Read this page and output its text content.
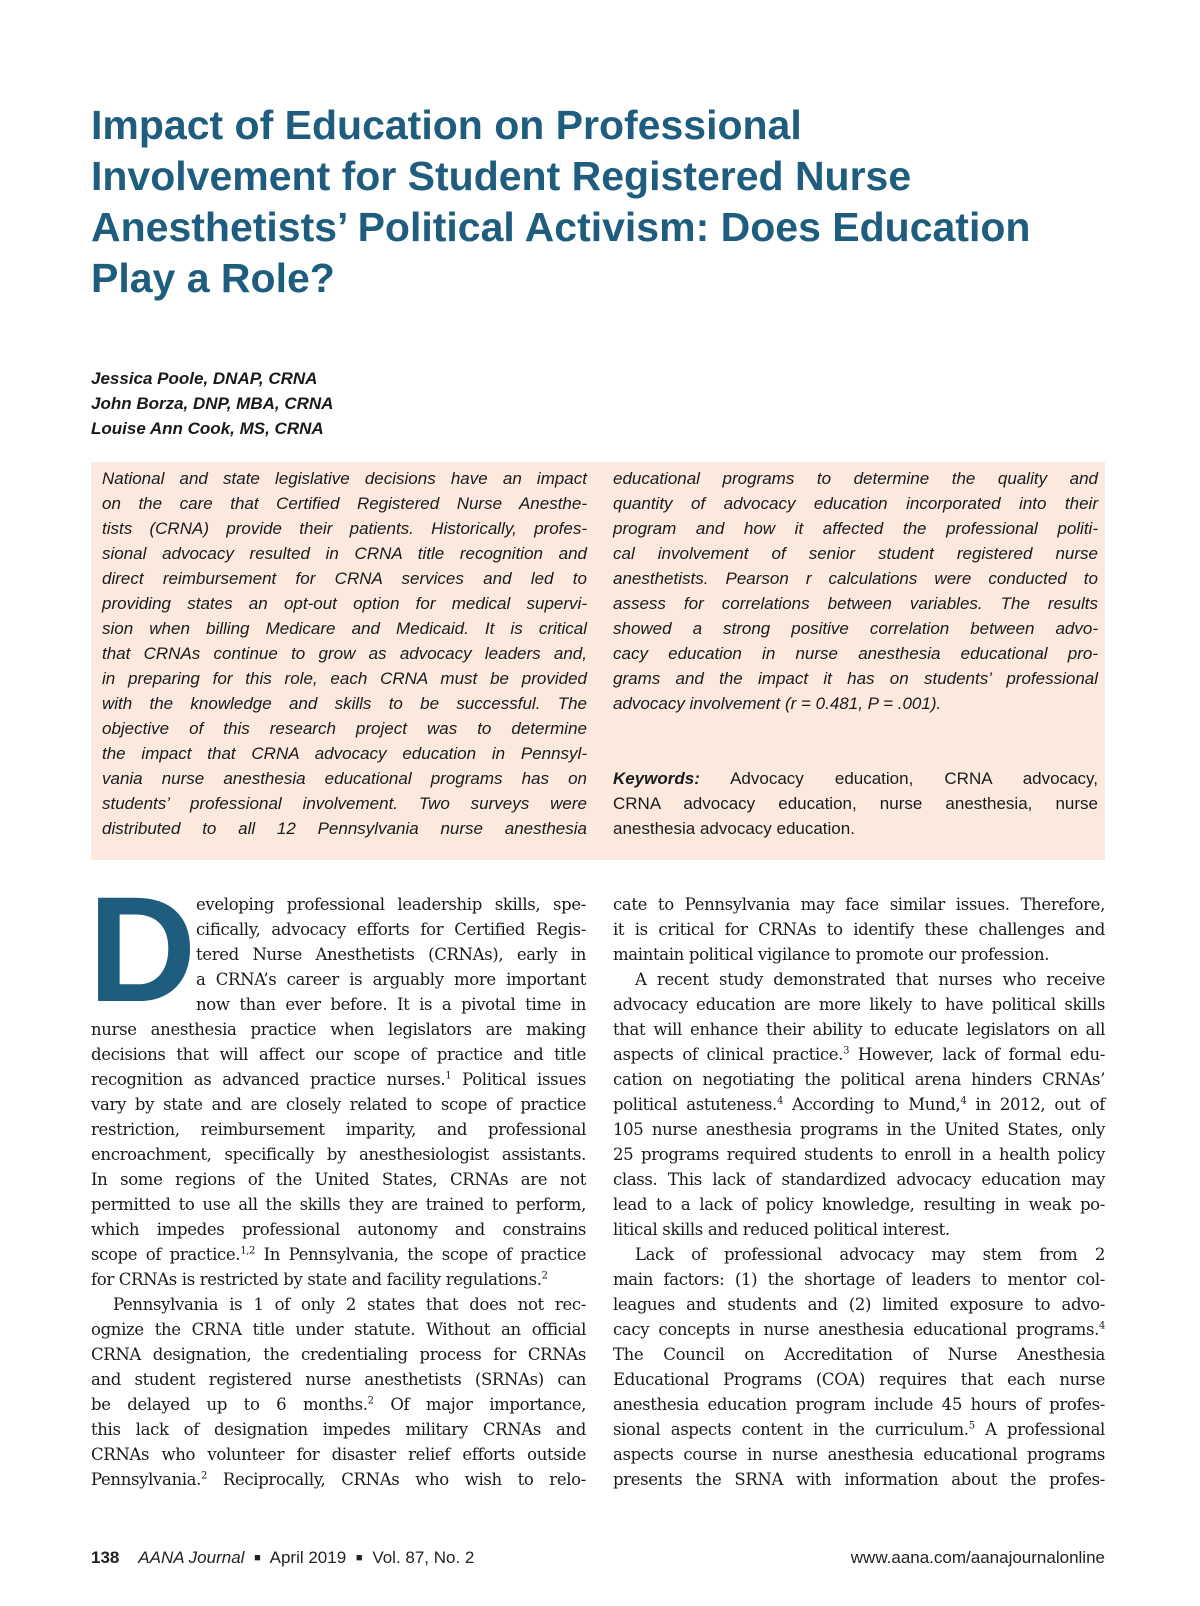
Impact of Education on Professional
Involvement for Student Registered Nurse
Anesthetists’ Political Activism: Does Education
Play a Role?
Jessica Poole, DNAP, CRNA
John Borza, DNP, MBA, CRNA
Louise Ann Cook, MS, CRNA
National and state legislative decisions have an impact
on the care that Certified Registered Nurse Anesthe-
tists (CRNA) provide their patients. Historically, profes-
sional advocacy resulted in CRNA title recognition and
direct reimbursement for CRNA services and led to
providing states an opt-out option for medical supervi-
sion when billing Medicare and Medicaid. It is critical
that CRNAs continue to grow as advocacy leaders and,
in preparing for this role, each CRNA must be provided
with the knowledge and skills to be successful. The
objective of this research project was to determine
the impact that CRNA advocacy education in Pennsyl-
vania nurse anesthesia educational programs has on
students’ professional involvement. Two surveys were
distributed to all 12 Pennsylvania nurse anesthesia
educational programs to determine the quality and
quantity of advocacy education incorporated into their
program and how it affected the professional politi-
cal involvement of senior student registered nurse
anesthetists. Pearson r calculations were conducted to
assess for correlations between variables. The results
showed a strong positive correlation between advo-
cacy education in nurse anesthesia educational pro-
grams and the impact it has on students’ professional
advocacy involvement (r = 0.481, P = .001).
Keywords: Advocacy education, CRNA advocacy,
CRNA advocacy education, nurse anesthesia, nurse
anesthesia advocacy education.
D eveloping professional leadership skills, spe-
cifically, advocacy efforts for Certified Regis-
tered Nurse Anesthetists (CRNAs), early in
a CRNA’s career is arguably more important
now than ever before. It is a pivotal time in
nurse anesthesia practice when legislators are making
decisions that will affect our scope of practice and title
recognition as advanced practice nurses.$^1$ Political issues
vary by state and are closely related to scope of practice
restriction, reimbursement imparity, and professional
encroachment, specifically by anesthesiologist assistants.
In some regions of the United States, CRNAs are not
permitted to use all the skills they are trained to perform,
which impedes professional autonomy and constrains
scope of practice.$^{1,2}$ In Pennsylvania, the scope of practice
for CRNAs is restricted by state and facility regulations.$^2$
Pennsylvania is 1 of only 2 states that does not rec-
ognize the CRNA title under statute. Without an official
CRNA designation, the credentialing process for CRNAs
and student registered nurse anesthetists (SRNAs) can
be delayed up to 6 months.$^2$ Of major importance,
this lack of designation impedes military CRNAs and
CRNAs who volunteer for disaster relief efforts outside
Pennsylvania.$^2$ Reciprocally, CRNAs who wish to relo-
cate to Pennsylvania may face similar issues. Therefore,
it is critical for CRNAs to identify these challenges and
maintain political vigilance to promote our profession.
A recent study demonstrated that nurses who receive
advocacy education are more likely to have political skills
that will enhance their ability to educate legislators on all
aspects of clinical practice.$^3$ However, lack of formal edu-
cation on negotiating the political arena hinders CRNAs’
political astuteness.$^4$ According to Mund,$^4$ in 2012, out of
105 nurse anesthesia programs in the United States, only
25 programs required students to enroll in a health policy
class. This lack of standardized advocacy education may
lead to a lack of policy knowledge, resulting in weak po-
litical skills and reduced political interest.
Lack of professional advocacy may stem from 2
main factors: (1) the shortage of leaders to mentor col-
leagues and students and (2) limited exposure to advo-
cacy concepts in nurse anesthesia educational programs.$^4$
The Council on Accreditation of Nurse Anesthesia
Educational Programs (COA) requires that each nurse
anesthesia education program include 45 hours of profes-
sional aspects content in the curriculum.$^5$ A professional
aspects course in nurse anesthesia educational programs
presents the SRNA with information about the profes-
138 AANA Journal ■ April 2019 ■ Vol. 87, No. 2	www.aana.com/aanajournalonline
